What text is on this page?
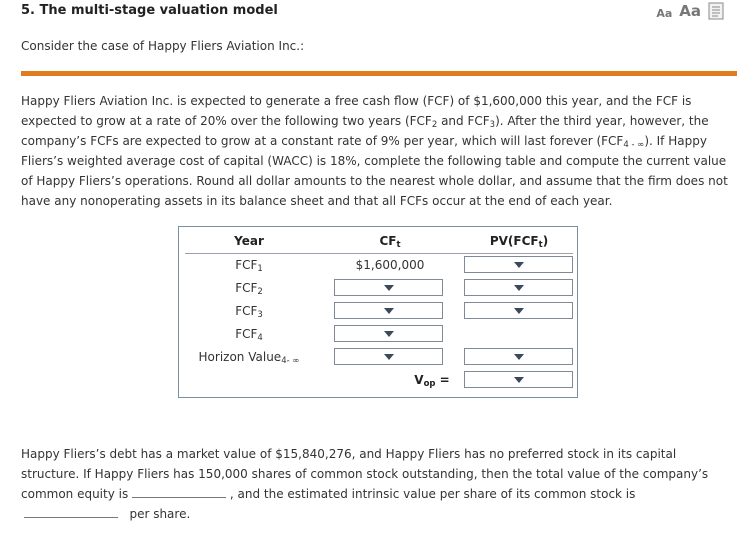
5. The multi-stage valuation model	Aa Aa
Consider the case of Happy Fliers Aviation Inc.:
Happy Fliers Aviation Inc. is expected to generate a free cash flow (FCF) of $1,600,000 this year, and the FCF is expected to grow at a rate of 20% over the following two years ($FCF_2$ and $FCF_3$). After the third year, however, the company’s FCFs are expected to grow at a constant rate of 9% per year, which will last forever $(FCF_{4 - \infty})$. If Happy Fliers’s weighted average cost of capital (WACC) is 18%, complete the following table and compute the current value of Happy Fliers’s operations. Round all dollar amounts to the nearest whole dollar, and assume that the firm does not have any nonoperating assets in its balance sheet and that all FCFs occur at the end of each year.
Year	$CF_t$	$PV(FCF_t)$
$FCF_1$	$1,600,000
$FCF_2$
$FCF_3$
$FCF_4$
Horizon Value$_{4- \infty}$
$V_{op}$ =
Happy Fliers’s debt has a market value of $15,840,276, and Happy Fliers has no preferred stock in its capital structure. If Happy Fliers has 150,000 shares of common stock outstanding, then the total value of the company’s common equity is	, and the estimated intrinsic value per share of its common stock is
per share.
